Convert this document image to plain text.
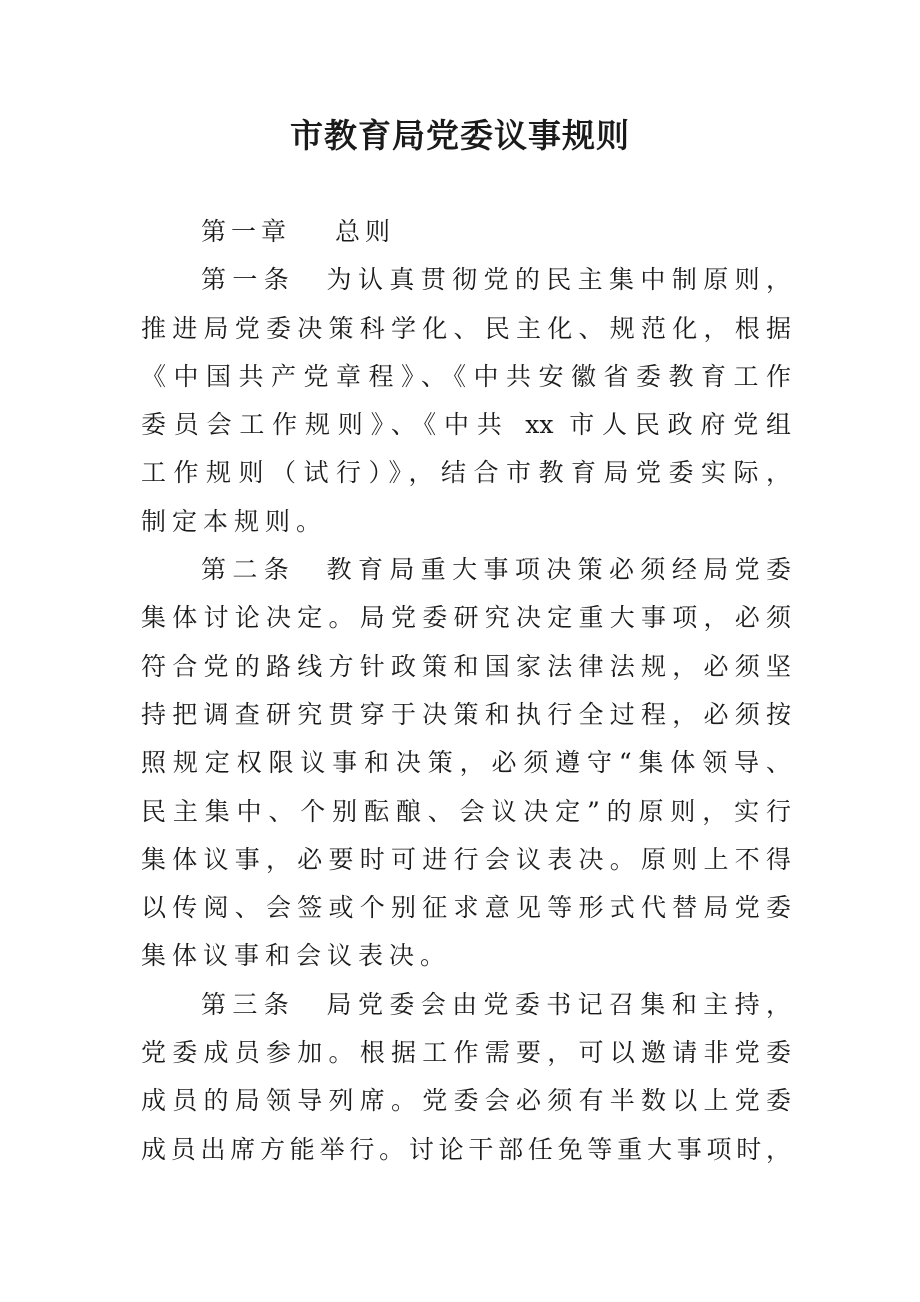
市教育局党委议事规则
第一章 总则
第一条　为认真贯彻党的民主集中制原则，
推进局党委决策科学化、民主化、规范化，根据
《中国共产党章程》、《中共安徽省委教育工作
委员会工作规则》、《中共 xx 市人民政府党组
工作规则（试行）》，结合市教育局党委实际，
制定本规则。
第二条　教育局重大事项决策必须经局党委
集体讨论决定。局党委研究决定重大事项，必须
符合党的路线方针政策和国家法律法规，必须坚
持把调查研究贯穿于决策和执行全过程，必须按
照规定权限议事和决策，必须遵守“集体领导、
民主集中、个别酝酿、会议决定”的原则，实行
集体议事，必要时可进行会议表决。原则上不得
以传阅、会签或个别征求意见等形式代替局党委
集体议事和会议表决。
第三条　局党委会由党委书记召集和主持，
党委成员参加。根据工作需要，可以邀请非党委
成员的局领导列席。党委会必须有半数以上党委
成员出席方能举行。讨论干部任免等重大事项时，
